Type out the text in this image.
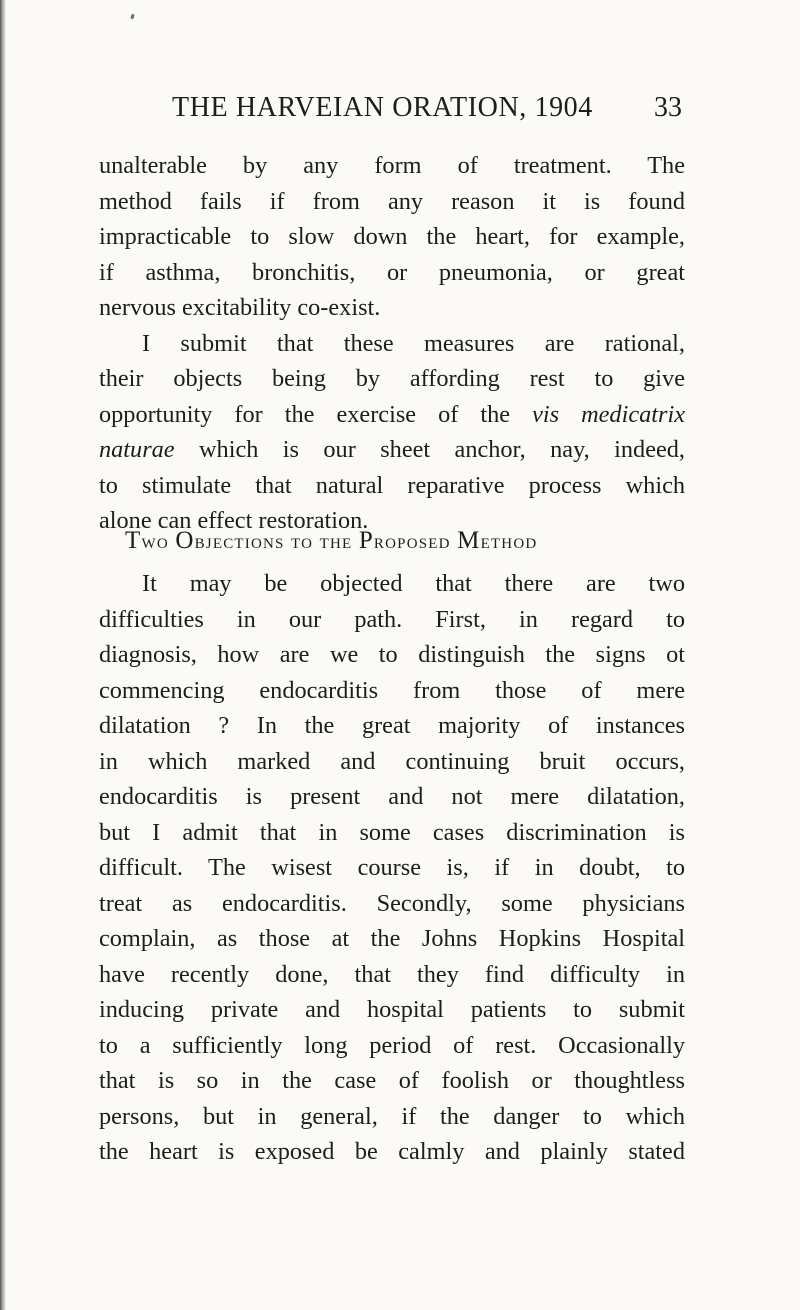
THE HARVEIAN ORATION, 1904 33
unalterable by any form of treatment. The
method fails if from any reason it is found
impracticable to slow down the heart, for example,
if asthma, bronchitis, or pneumonia, or great
nervous excitability co-exist.
I submit that these measures are rational,
their objects being by affording rest to give
opportunity for the exercise of the vis medicatrix
naturae which is our sheet anchor, nay, indeed,
to stimulate that natural reparative process which
alone can effect restoration.
Two Objections to the Proposed Method
It may be objected that there are two
difficulties in our path. First, in regard to
diagnosis, how are we to distinguish the signs ot
commencing endocarditis from those of mere
dilatation ? In the great majority of instances
in which marked and continuing bruit occurs,
endocarditis is present and not mere dilatation,
but I admit that in some cases discrimination is
difficult. The wisest course is, if in doubt, to
treat as endocarditis. Secondly, some physicians
complain, as those at the Johns Hopkins Hospital
have recently done, that they find difficulty in
inducing private and hospital patients to submit
to a sufficiently long period of rest. Occasionally
that is so in the case of foolish or thoughtless
persons, but in general, if the danger to which
the heart is exposed be calmly and plainly stated
